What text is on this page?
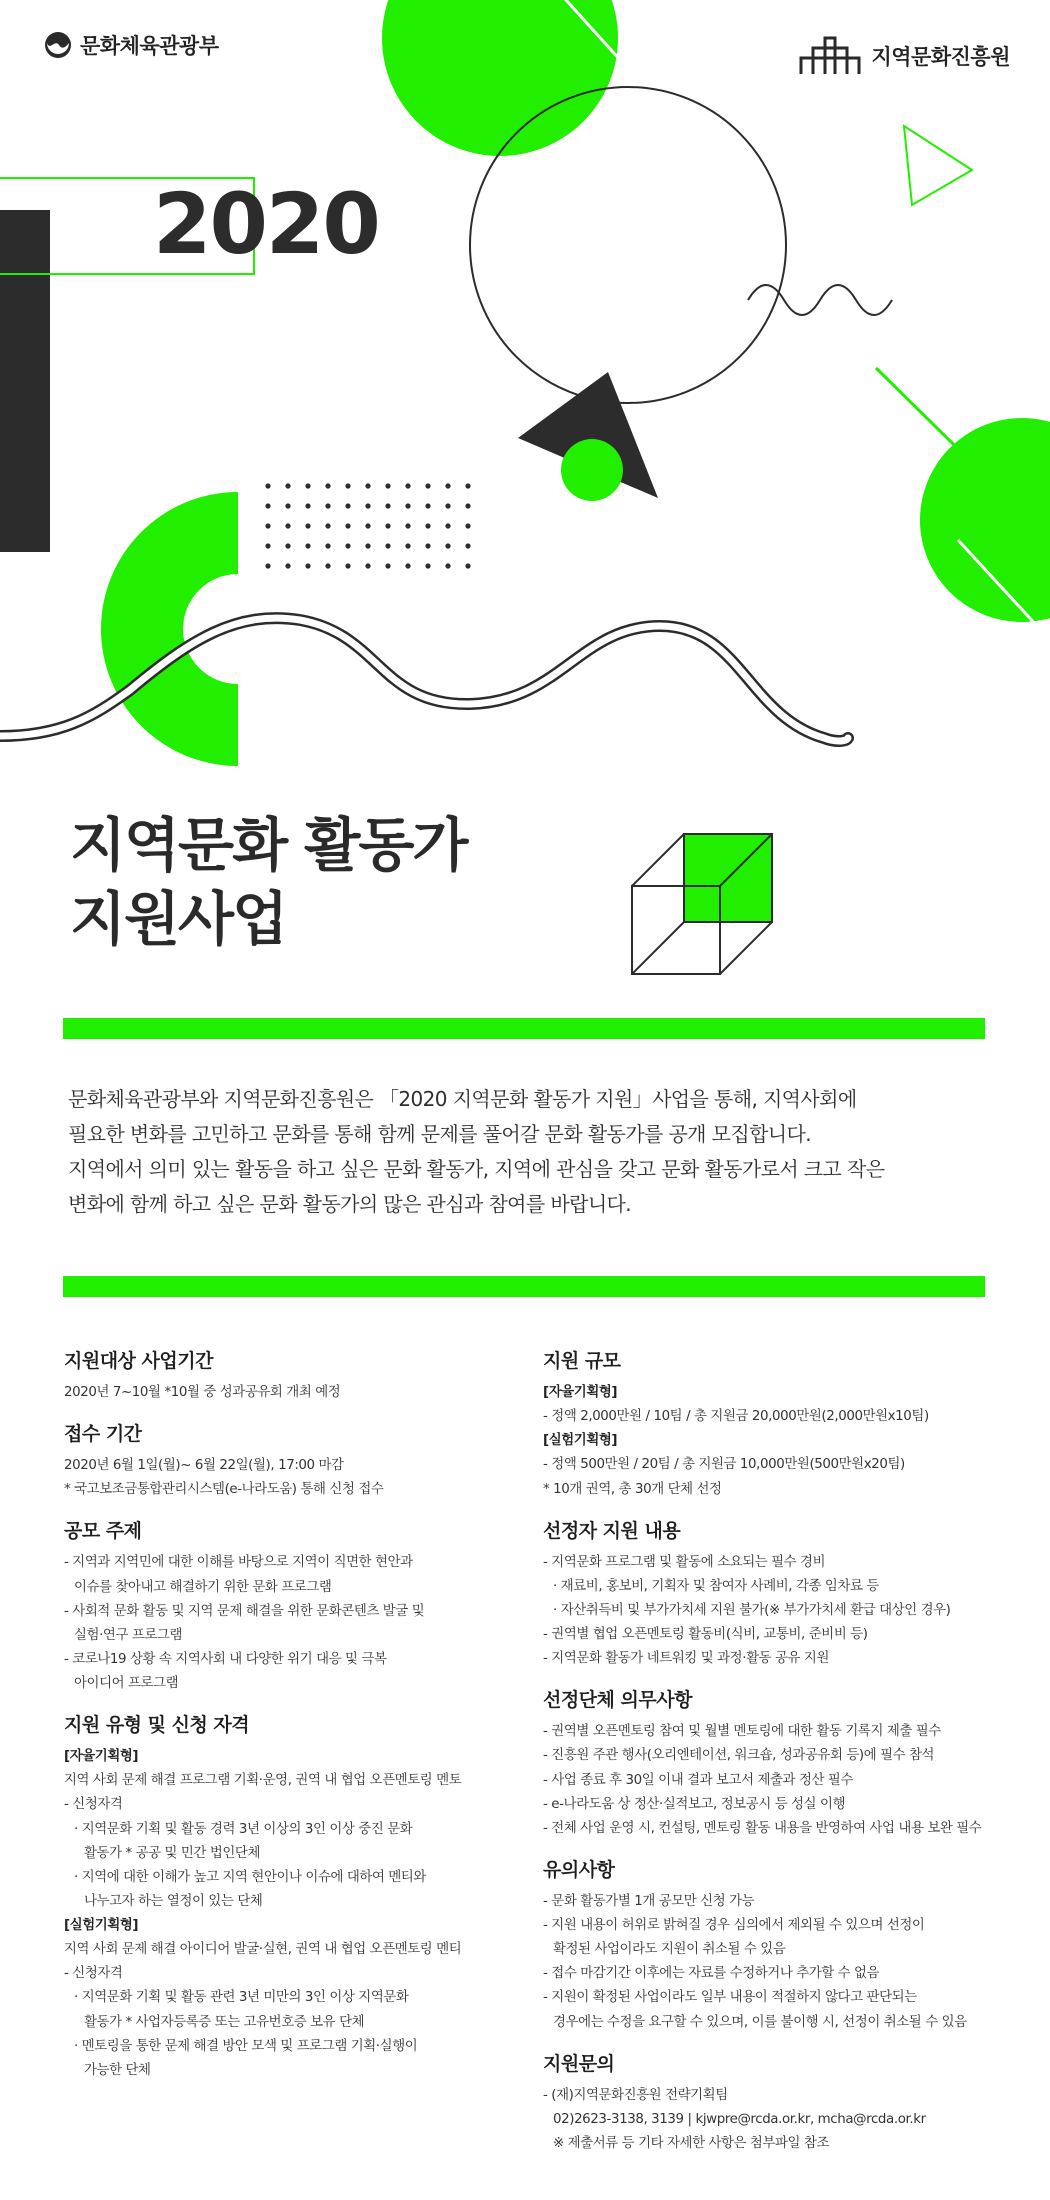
문화체육관광부	지역문화진흥원
2020
지역문화 활동가
지원사업
문화체육관광부와 지역문화진흥원은 「2020 지역문화 활동가 지원」사업을 통해, 지역사회에
필요한 변화를 고민하고 문화를 통해 함께 문제를 풀어갈 문화 활동가를 공개 모집합니다.
지역에서 의미 있는 활동을 하고 싶은 문화 활동가, 지역에 관심을 갖고 문화 활동가로서 크고 작은
변화에 함께 하고 싶은 문화 활동가의 많은 관심과 참여를 바랍니다.
지원대상 사업기간
2020년 7~10월 *10월 중 성과공유회 개최 예정
접수 기간
2020년 6월 1일(월)~ 6월 22일(월), 17:00 마감
* 국고보조금통합관리시스템(e-나라도움) 통해 신청 접수
공모 주제
- 지역과 지역민에 대한 이해를 바탕으로 지역이 직면한 현안과
이슈를 찾아내고 해결하기 위한 문화 프로그램
- 사회적 문화 활동 및 지역 문제 해결을 위한 문화콘텐츠 발굴 및
실험·연구 프로그램
- 코로나19 상황 속 지역사회 내 다양한 위기 대응 및 극복
아이디어 프로그램
지원 유형 및 신청 자격
[자율기획형]
지역 사회 문제 해결 프로그램 기획·운영, 권역 내 협업 오픈멘토링 멘토
- 신청자격
· 지역문화 기획 및 활동 경력 3년 이상의 3인 이상 중진 문화
활동가 * 공공 및 민간 법인단체
· 지역에 대한 이해가 높고 지역 현안이나 이슈에 대하여 멘티와
나누고자 하는 열정이 있는 단체
[실험기획형]
지역 사회 문제 해결 아이디어 발굴·실현, 권역 내 협업 오픈멘토링 멘티
- 신청자격
· 지역문화 기획 및 활동 관련 3년 미만의 3인 이상 지역문화
활동가 * 사업자등록증 또는 고유번호증 보유 단체
· 멘토링을 통한 문제 해결 방안 모색 및 프로그램 기획·실행이
가능한 단체
지원 규모
[자율기획형]
- 정액 2,000만원 / 10팀 / 총 지원금 20,000만원(2,000만원x10팀)
[실험기획형]
- 정액 500만원 / 20팀 / 총 지원금 10,000만원(500만원x20팀)
* 10개 권역, 총 30개 단체 선정
선정자 지원 내용
- 지역문화 프로그램 및 활동에 소요되는 필수 경비
· 재료비, 홍보비, 기획자 및 참여자 사례비, 각종 임차료 등
· 자산취득비 및 부가가치세 지원 불가(※ 부가가치세 환급 대상인 경우)
- 권역별 협업 오픈멘토링 활동비(식비, 교통비, 준비비 등)
- 지역문화 활동가 네트워킹 및 과정·활동 공유 지원
선정단체 의무사항
- 권역별 오픈멘토링 참여 및 월별 멘토링에 대한 활동 기록지 제출 필수
- 진흥원 주관 행사(오리엔테이션, 워크숍, 성과공유회 등)에 필수 참석
- 사업 종료 후 30일 이내 결과 보고서 제출과 정산 필수
- e-나라도움 상 정산·실적보고, 정보공시 등 성실 이행
- 전체 사업 운영 시, 컨설팅, 멘토링 활동 내용을 반영하여 사업 내용 보완 필수
유의사항
- 문화 활동가별 1개 공모만 신청 가능
- 지원 내용이 허위로 밝혀질 경우 심의에서 제외될 수 있으며 선정이
확정된 사업이라도 지원이 취소될 수 있음
- 접수 마감기간 이후에는 자료를 수정하거나 추가할 수 없음
- 지원이 확정된 사업이라도 일부 내용이 적절하지 않다고 판단되는
경우에는 수정을 요구할 수 있으며, 이를 불이행 시, 선정이 취소될 수 있음
지원문의
- (재)지역문화진흥원 전략기획팀
02)2623-3138, 3139 | kjwpre@rcda.or.kr, mcha@rcda.or.kr
※ 제출서류 등 기타 자세한 사항은 첨부파일 참조
